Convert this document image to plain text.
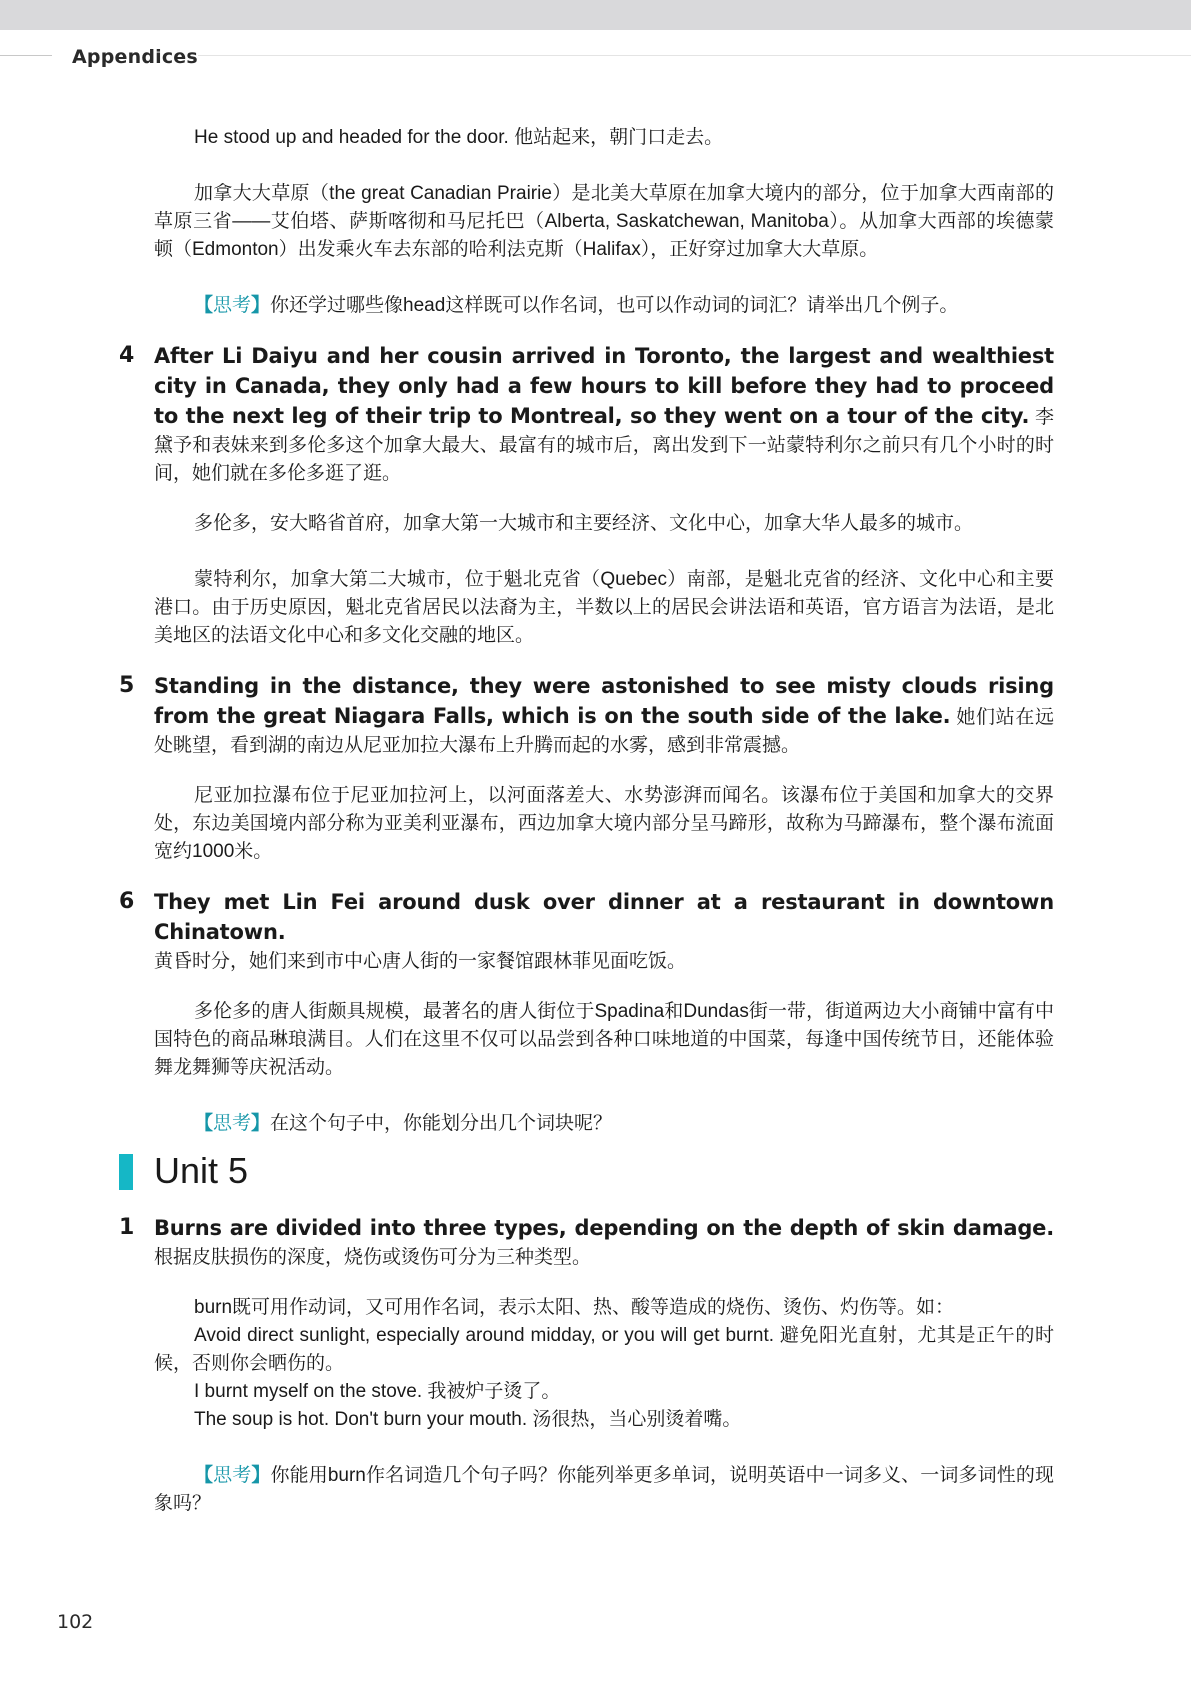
Appendices

He stood up and headed for the door. 他站起来，朝门口走去。

加拿大大草原（the great Canadian Prairie）是北美大草原在加拿大境内的部分，位于加拿大西南部的草原三省——艾伯塔、萨斯喀彻和马尼托巴（Alberta, Saskatchewan, Manitoba）。从加拿大西部的埃德蒙顿（Edmonton）出发乘火车去东部的哈利法克斯（Halifax），正好穿过加拿大大草原。

【思考】你还学过哪些像head这样既可以作名词，也可以作动词的词汇？请举出几个例子。

4 After Li Daiyu and her cousin arrived in Toronto, the largest and wealthiest city in Canada, they only had a few hours to kill before they had to proceed to the next leg of their trip to Montreal, so they went on a tour of the city. 李黛予和表妹来到多伦多这个加拿大最大、最富有的城市后，离出发到下一站蒙特利尔之前只有几个小时的时间，她们就在多伦多逛了逛。

多伦多，安大略省首府，加拿大第一大城市和主要经济、文化中心，加拿大华人最多的城市。

蒙特利尔，加拿大第二大城市，位于魁北克省（Quebec）南部，是魁北克省的经济、文化中心和主要港口。由于历史原因，魁北克省居民以法裔为主，半数以上的居民会讲法语和英语，官方语言为法语，是北美地区的法语文化中心和多文化交融的地区。

5 Standing in the distance, they were astonished to see misty clouds rising from the great Niagara Falls, which is on the south side of the lake. 她们站在远处眺望，看到湖的南边从尼亚加拉大瀑布上升腾而起的水雾，感到非常震撼。

尼亚加拉瀑布位于尼亚加拉河上，以河面落差大、水势澎湃而闻名。该瀑布位于美国和加拿大的交界处，东边美国境内部分称为亚美利亚瀑布，西边加拿大境内部分呈马蹄形，故称为马蹄瀑布，整个瀑布流面宽约1000米。

6 They met Lin Fei around dusk over dinner at a restaurant in downtown Chinatown.
黄昏时分，她们来到市中心唐人街的一家餐馆跟林菲见面吃饭。

多伦多的唐人街颇具规模，最著名的唐人街位于Spadina和Dundas街一带，街道两边大小商铺中富有中国特色的商品琳琅满目。人们在这里不仅可以品尝到各种口味地道的中国菜，每逢中国传统节日，还能体验舞龙舞狮等庆祝活动。

【思考】在这个句子中，你能划分出几个词块呢？

Unit 5
1 Burns are divided into three types, depending on the depth of skin damage. 根据皮肤损伤的深度，烧伤或烫伤可分为三种类型。

burn既可用作动词，又可用作名词，表示太阳、热、酸等造成的烧伤、烫伤、灼伤等。如：

Avoid direct sunlight, especially around midday, or you will get burnt. 避免阳光直射，尤其是正午的时候，否则你会晒伤的。

I burnt myself on the stove. 我被炉子烫了。

The soup is hot. Don't burn your mouth. 汤很热，当心别烫着嘴。

【思考】你能用burn作名词造几个句子吗？你能列举更多单词，说明英语中一词多义、一词多词性的现象吗？

102
